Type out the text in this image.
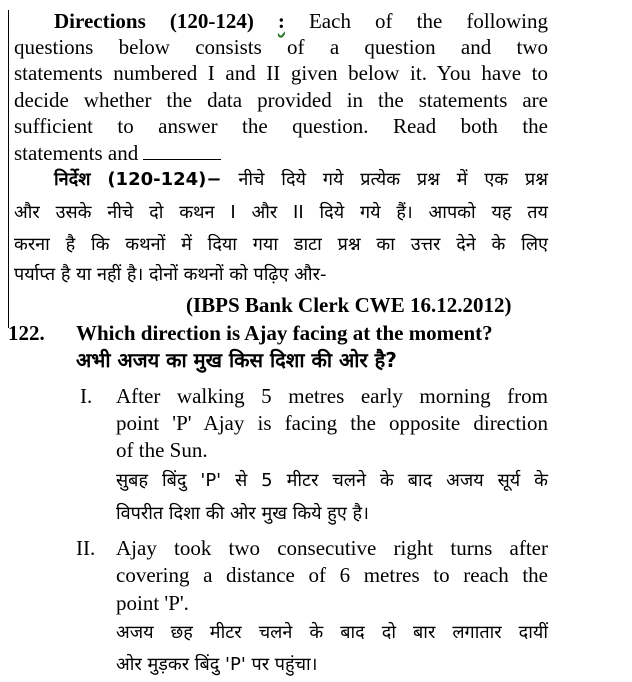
Directions (120-124) : Each of the following
questions below consists of a question and two
statements numbered I and II given below it. You have to
decide whether the data provided in the statements are
sufficient to answer the question. Read both the
statements and
निर्देश (120-124)− नीचे दिये गये प्रत्येक प्रश्न में एक प्रश्न
और उसके नीचे दो कथन I और II दिये गये हैं। आपको यह तय
करना है कि कथनों में दिया गया डाटा प्रश्न का उत्तर देने के लिए
पर्याप्त है या नहीं है। दोनों कथनों को पढ़िए और-
(IBPS Bank Clerk CWE 16.12.2012)
122. Which direction is Ajay facing at the moment?
अभी अजय का मुख किस दिशा की ओर है?
I. After walking 5 metres early morning from
point 'P' Ajay is facing the opposite direction
of the Sun.
सुबह बिंदु 'P' से 5 मीटर चलने के बाद अजय सूर्य के
विपरीत दिशा की ओर मुख किये हुए है।
II. Ajay took two consecutive right turns after
covering a distance of 6 metres to reach the
point 'P'.
अजय छह मीटर चलने के बाद दो बार लगातार दायीं
ओर मुड़कर बिंदु 'P' पर पहुंचा।
